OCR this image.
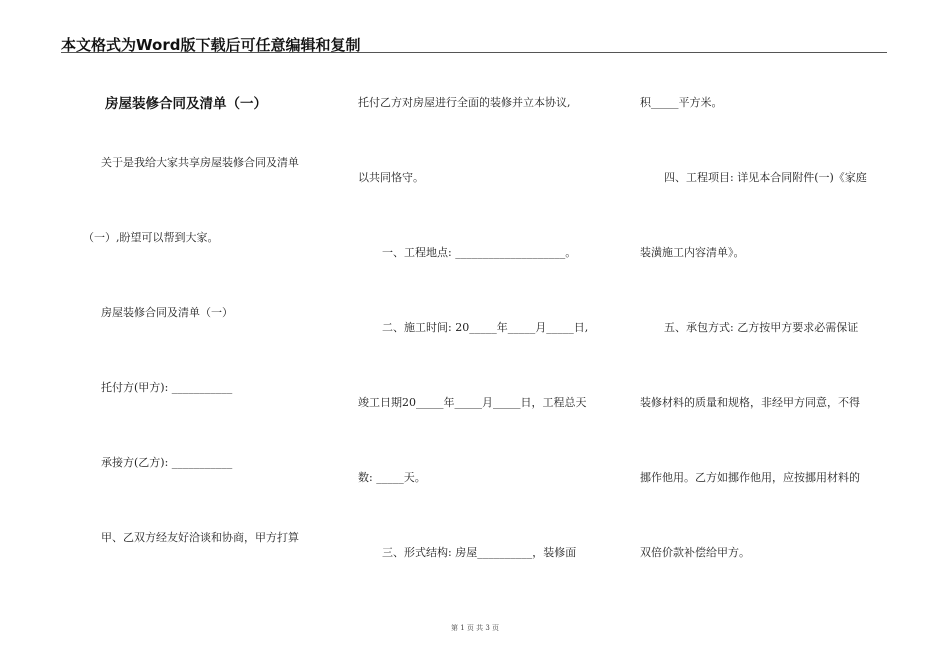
本文格式为Word版下载后可任意编辑和复制
房屋装修合同及清单（一）
关于是我给大家共享房屋装修合同及清单
（一）,盼望可以帮到大家。
房屋装修合同及清单（一）
托付方(甲方): ___________
承接方(乙方): ___________
甲、乙双方经友好洽谈和协商，甲方打算
托付乙方对房屋进行全面的装修并立本协议,
以共同恪守。
一、工程地点: ____________________。
二、施工时间: 20_____年_____月_____日,
竣工日期20_____年_____月_____日，工程总天
数: _____天。
三、形式结构: 房屋__________，装修面
积_____平方米。
四、工程项目: 详见本合同附件(一)《家庭
装潢施工内容清单》。
五、承包方式: 乙方按甲方要求必需保证
装修材料的质量和规格，非经甲方同意，不得
挪作他用。乙方如挪作他用，应按挪用材料的
双倍价款补偿给甲方。
第 1 页 共 3 页
